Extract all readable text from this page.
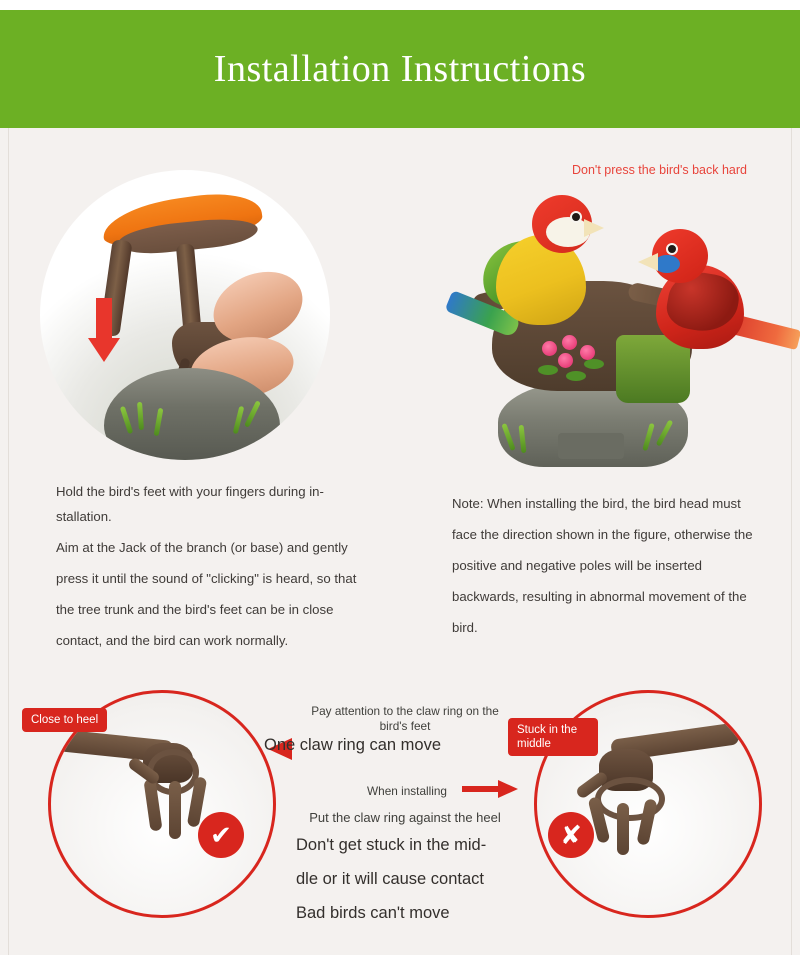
Installation Instructions
Don't press the bird's back hard
Hold the bird's feet with your fingers during in-
stallation.
Aim at the Jack of the branch (or base) and gently press it until the sound of "clicking" is heard, so that the tree trunk and the bird's feet can be in close contact, and the bird can work normally.
Note: When installing the bird, the bird head must face the direction shown in the figure, otherwise the positive and negative poles will be inserted backwards, resulting in abnormal movement of the bird.
Close to heel
✔
Stuck in the middle
✘
Pay attention to the claw ring on the
bird's feet
One claw ring can move
When installing
Put the claw ring against the heel
Don't get stuck in the mid-
dle or it will cause contact
Bad birds can't move
